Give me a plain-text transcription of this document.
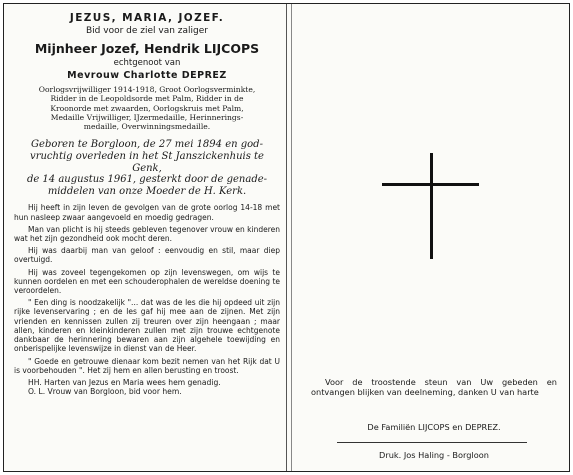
JEZUS, MARIA, JOZEF.
Bid voor de ziel van zaliger
Mijnheer Jozef, Hendrik LIJCOPS
echtgenoot van
Mevrouw Charlotte DEPREZ
Oorlogsvrijwilliger 1914-1918, Groot Oorlogsverminkte,
Ridder in de Leopoldsorde met Palm, Ridder in de
Kroonorde met zwaarden, Oorlogskruis met Palm,
Medaille Vrijwilliger, IJzermedaille, Herinnerings-
medaille, Overwinningsmedaille.
Geboren te Borgloon, de 27 mei 1894 en god-
vruchtig overleden in het St Janszickenhuis te Genk,
de 14 augustus 1961, gesterkt door de genade-
middelen van onze Moeder de H. Kerk.

Hij heeft in zijn leven de gevolgen van de grote oorlog 14-18 met hun nasleep zwaar aangevoeld en moedig gedragen.

Man van plicht is hij steeds gebleven tegenover vrouw en kinderen wat het zijn gezondheid ook mocht deren.

Hij was daarbij man van geloof : eenvoudig en stil, maar diep overtuigd.

Hij was zoveel tegengekomen op zijn levenswegen, om wijs te kunnen oordelen en met een schouderophalen de wereldse doening te veroordelen.

" Een ding is noodzakelijk "... dat was de les die hij opdeed uit zijn rijke levenservaring ; en de les gaf hij mee aan de zijnen. Met zijn vrienden en kennissen zullen zij treuren over zijn heengaan ; maar allen, kinderen en kleinkinderen zullen met zijn trouwe echtgenote dankbaar de herinnering bewaren aan zijn algehele toewijding en onberispelijke levenswijze in dienst van de Heer.

" Goede en getrouwe dienaar kom bezit nemen van het Rijk dat U is voorbehouden ". Het zij hem en allen berusting en troost.

HH. Harten van Jezus en Maria wees hem genadig.
O. L. Vrouw van Borgloon, bid voor hem.
Voor de troostende steun van Uw gebeden en ontvangen blijken van deelneming, danken U van harte
De Familiën LIJCOPS en DEPREZ.
Druk. Jos Haling - Borgloon
